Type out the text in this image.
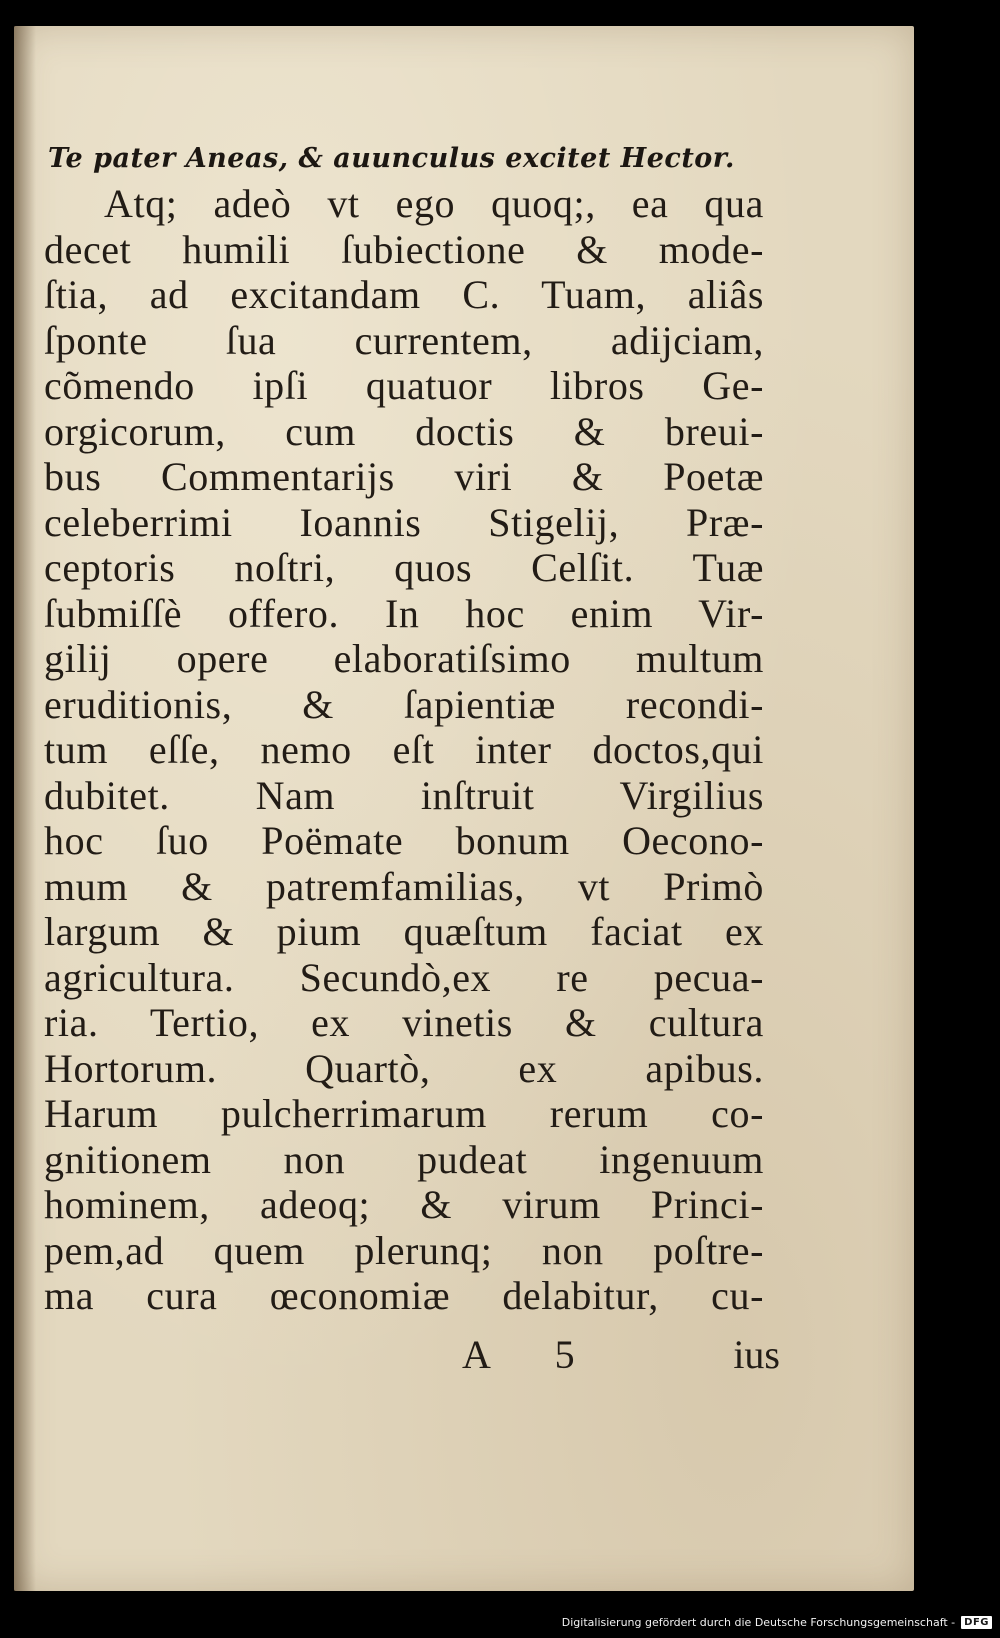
Te pater Aneas, & auunculus excitet Hector.
Atq; adeò vt ego quoq;, ea qua
decet humili ſubiectione & mode-
ſtia, ad excitandam C. Tuam, aliâs
ſponte ſua currentem, adijciam,
cõmendo ipſi quatuor libros Ge-
orgicorum, cum doctis & breui-
bus Commentarijs viri & Poetæ
celeberrimi Ioannis Stigelij, Præ-
ceptoris noſtri, quos Celſit. Tuæ
ſubmiſſè offero. In hoc enim Vir-
gilij opere elaboratiſsimo multum
eruditionis, & ſapientiæ recondi-
tum eſſe, nemo eſt inter doctos,qui
dubitet. Nam inſtruit Virgilius
hoc ſuo Poëmate bonum Oecono-
mum & patremfamilias, vt Primò
largum & pium quæſtum faciat ex
agricultura. Secundò,ex re pecua-
ria. Tertio, ex vinetis & cultura
Hortorum. Quartò, ex apibus.
Harum pulcherrimarum rerum co-
gnitionem non pudeat ingenuum
hominem, adeoq; & virum Princi-
pem,ad quem plerunq; non poſtre-
ma cura œconomiæ delabitur, cu-
A 5	ius
Digitalisierung gefördert durch die Deutsche Forschungsgemeinschaft - DFG
